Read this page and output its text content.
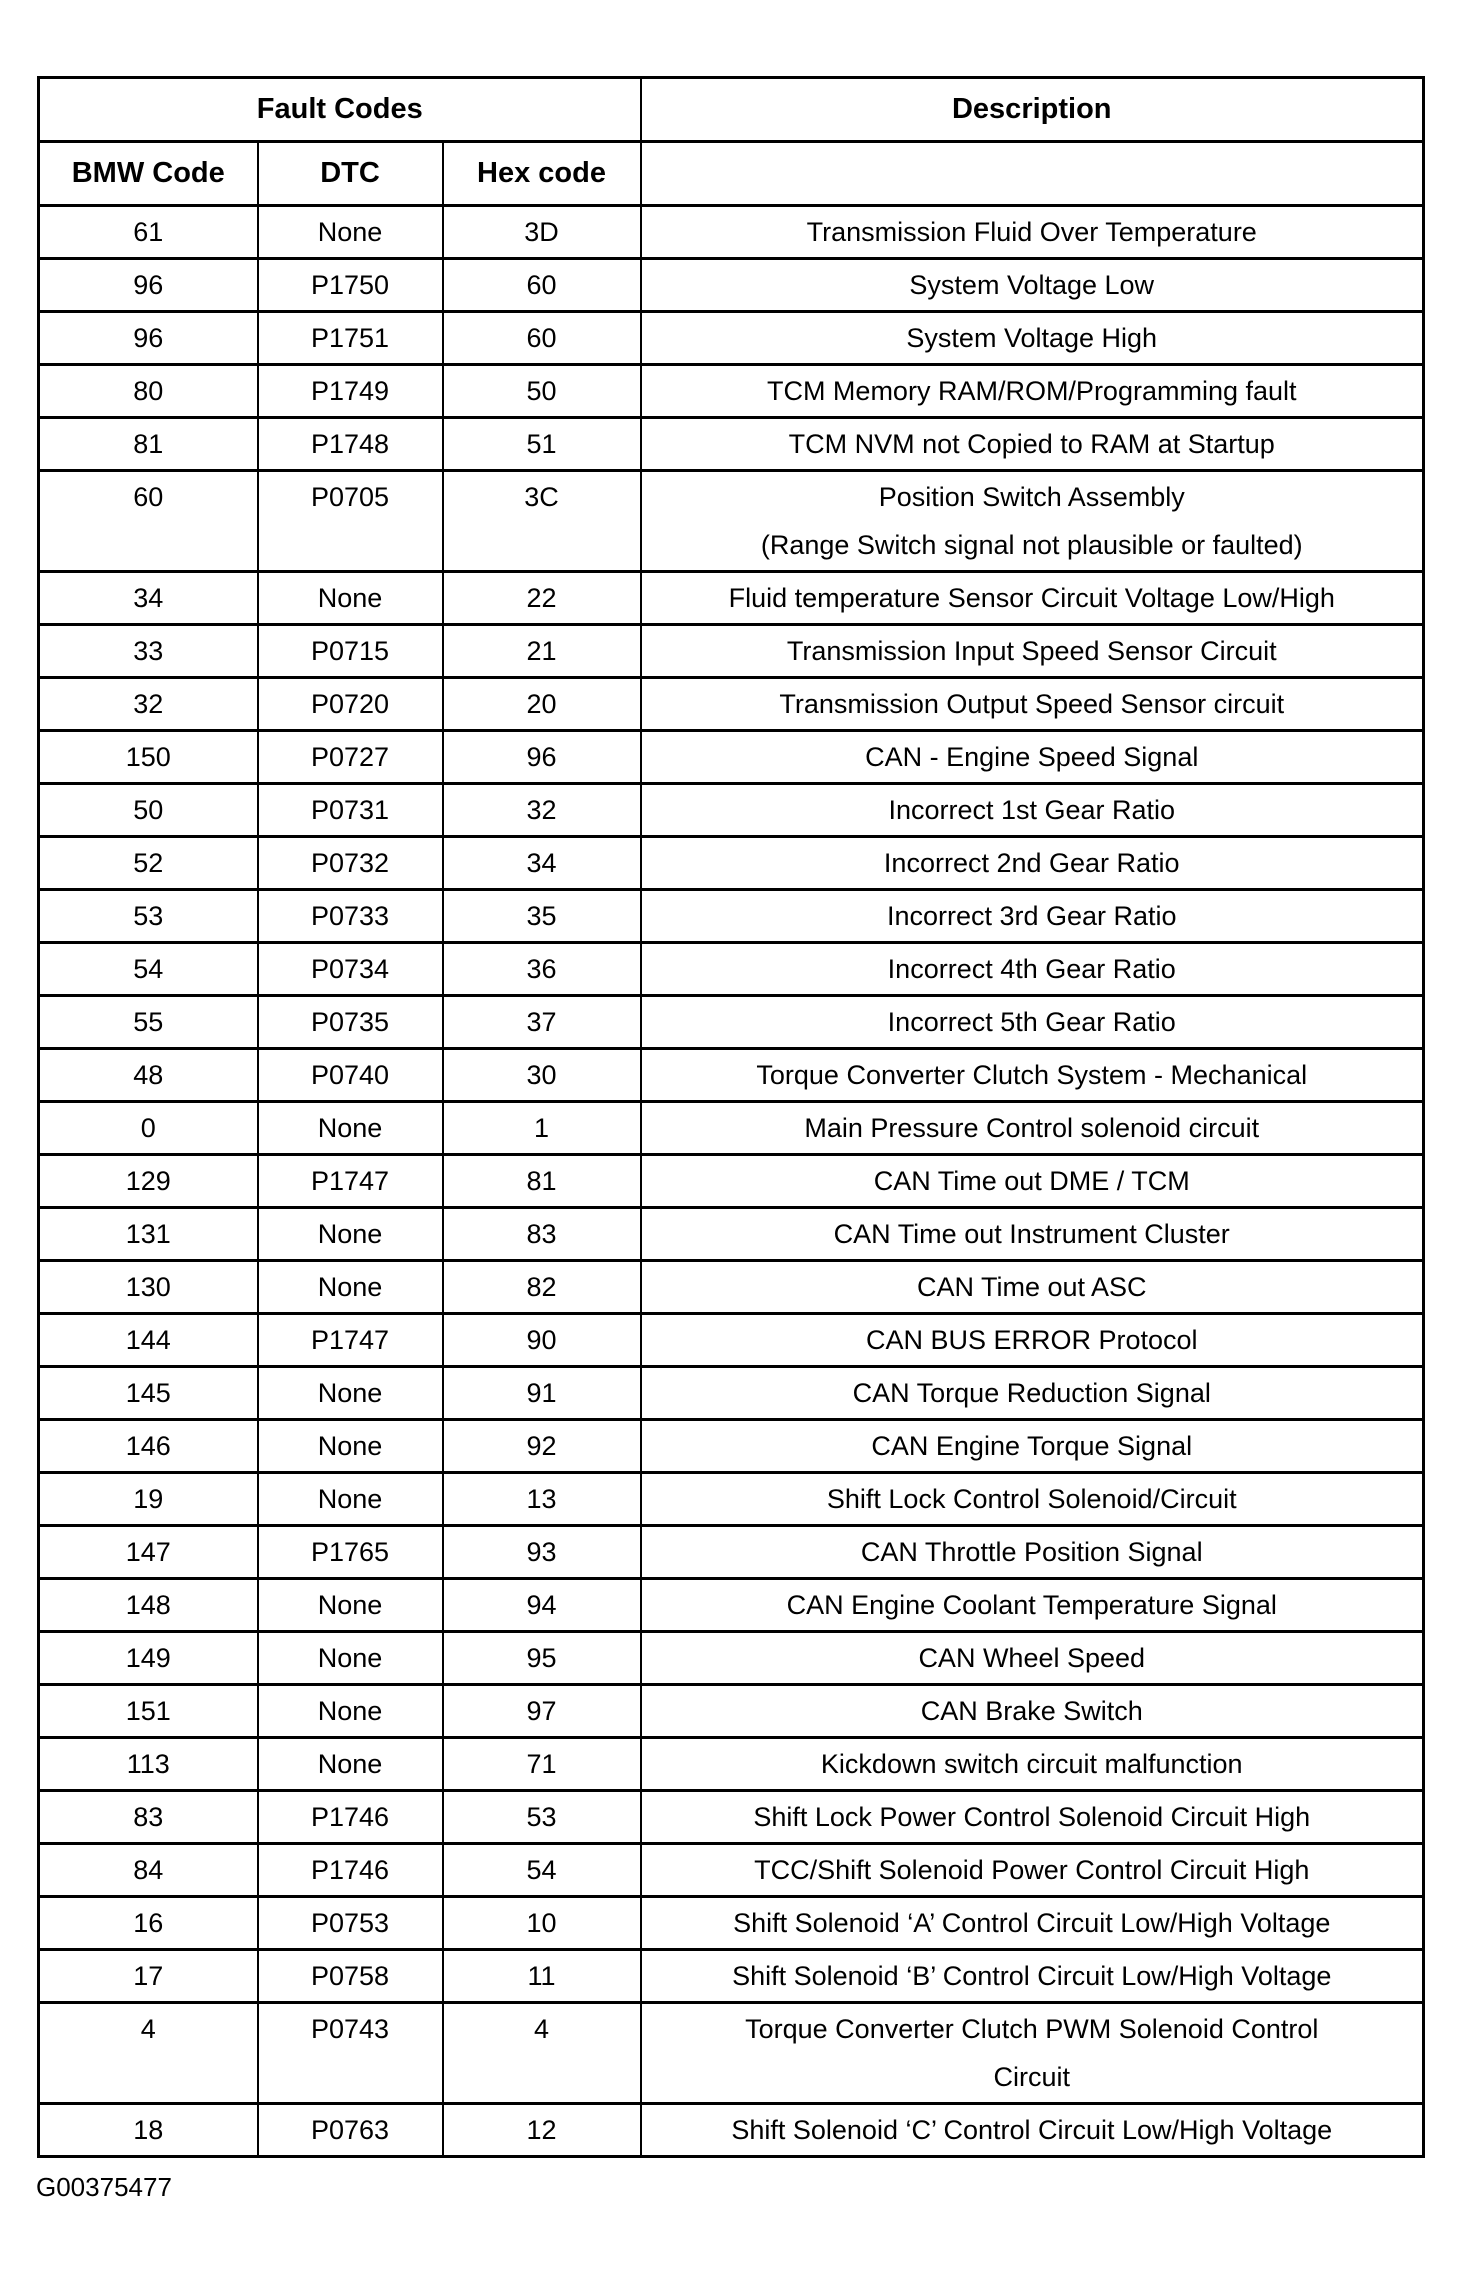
Fault Codes			Description
BMW Code	DTC	Hex code	
61	None	3D	Transmission Fluid Over Temperature

96	P1750	60	System Voltage Low

96	P1751	60	System Voltage High

80	P1749	50	TCM Memory RAM/ROM/Programming fault

81	P1748	51	TCM NVM not Copied to RAM at Startup

60	P0705	3C	Position Switch Assembly
(Range Switch signal not plausible or faulted)

34	None	22	Fluid temperature Sensor Circuit Voltage Low/High

33	P0715	21	Transmission Input Speed Sensor Circuit

32	P0720	20	Transmission Output Speed Sensor circuit

150	P0727	96	CAN - Engine Speed Signal

50	P0731	32	Incorrect 1st Gear Ratio

52	P0732	34	Incorrect 2nd Gear Ratio

53	P0733	35	Incorrect 3rd Gear Ratio

54	P0734	36	Incorrect 4th Gear Ratio

55	P0735	37	Incorrect 5th Gear Ratio

48	P0740	30	Torque Converter Clutch System - Mechanical

0	None	1	Main Pressure Control solenoid circuit

129	P1747	81	CAN Time out DME / TCM

131	None	83	CAN Time out Instrument Cluster

130	None	82	CAN Time out ASC

144	P1747	90	CAN BUS ERROR Protocol

145	None	91	CAN Torque Reduction Signal

146	None	92	CAN Engine Torque Signal

19	None	13	Shift Lock Control Solenoid/Circuit

147	P1765	93	CAN Throttle Position Signal

148	None	94	CAN Engine Coolant Temperature Signal

149	None	95	CAN Wheel Speed

151	None	97	CAN Brake Switch

113	None	71	Kickdown switch circuit malfunction

83	P1746	53	Shift Lock Power Control Solenoid Circuit High

84	P1746	54	TCC/Shift Solenoid Power Control Circuit High

16	P0753	10	Shift Solenoid ‘A’ Control Circuit Low/High Voltage

17	P0758	11	Shift Solenoid ‘B’ Control Circuit Low/High Voltage

4	P0743	4	Torque Converter Clutch PWM Solenoid Control
Circuit

18	P0763	12	Shift Solenoid ‘C’ Control Circuit Low/High Voltage
G00375477
